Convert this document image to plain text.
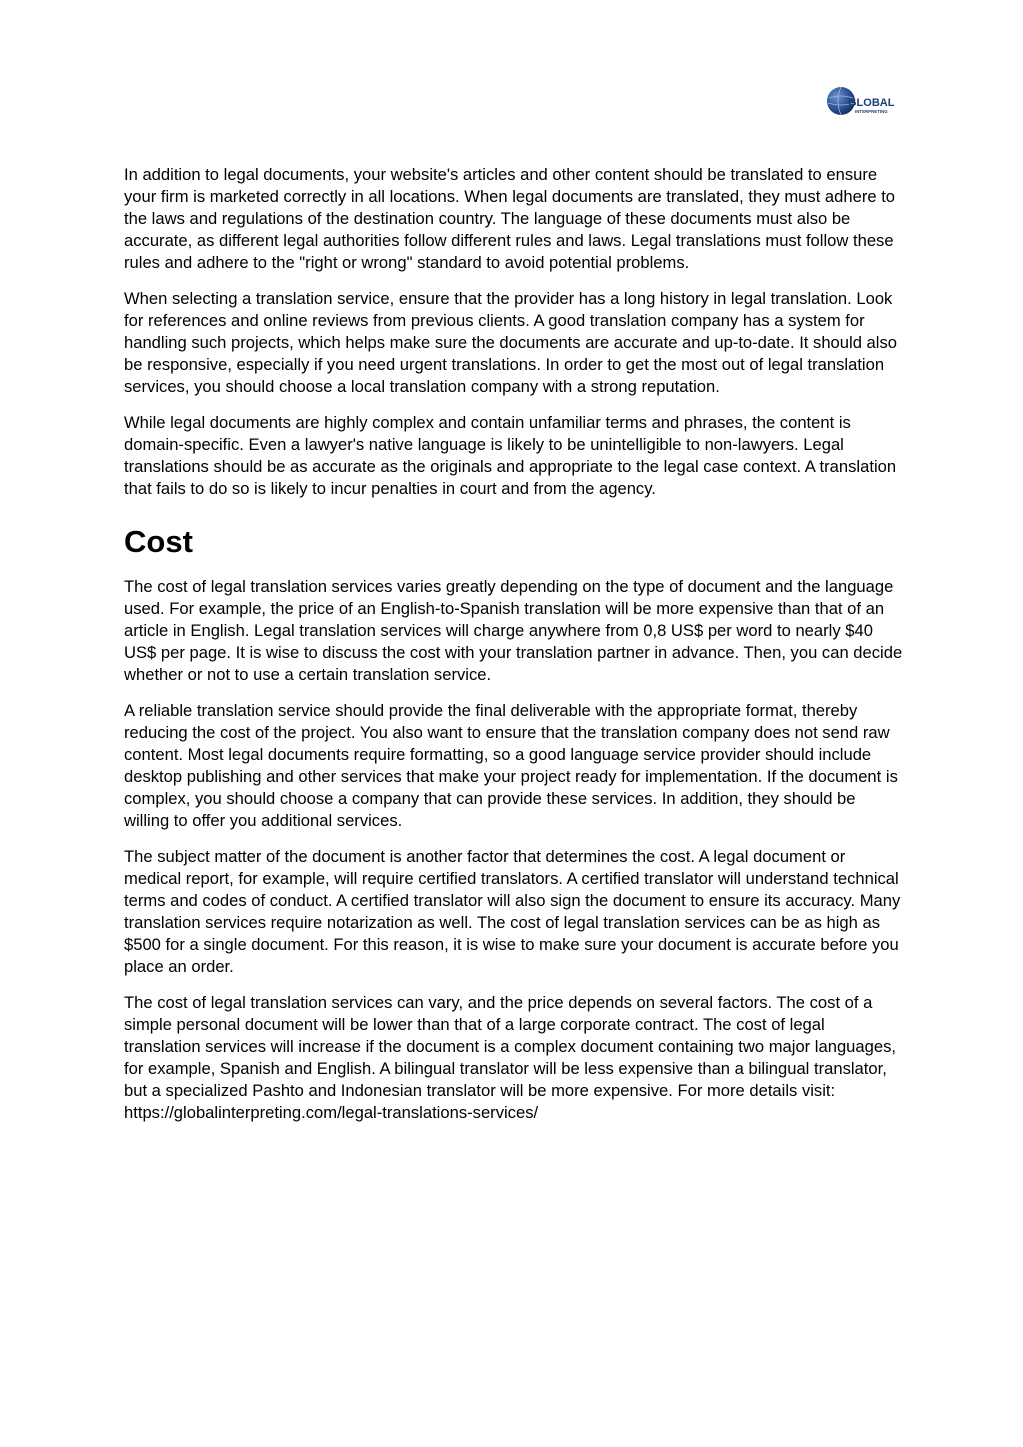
GLOBAL
INTERPRETING

In addition to legal documents, your website's articles and other content should be translated to ensure your firm is marketed correctly in all locations. When legal documents are translated, they must adhere to the laws and regulations of the destination country. The language of these documents must also be accurate, as different legal authorities follow different rules and laws. Legal translations must follow these rules and adhere to the "right or wrong" standard to avoid potential problems.

When selecting a translation service, ensure that the provider has a long history in legal translation. Look for references and online reviews from previous clients. A good translation company has a system for handling such projects, which helps make sure the documents are accurate and up-to-date. It should also be responsive, especially if you need urgent translations. In order to get the most out of legal translation services, you should choose a local translation company with a strong reputation.

While legal documents are highly complex and contain unfamiliar terms and phrases, the content is domain-specific. Even a lawyer's native language is likely to be unintelligible to non-lawyers. Legal translations should be as accurate as the originals and appropriate to the legal case context. A translation that fails to do so is likely to incur penalties in court and from the agency.

Cost

The cost of legal translation services varies greatly depending on the type of document and the language used. For example, the price of an English-to-Spanish translation will be more expensive than that of an article in English. Legal translation services will charge anywhere from 0,8 US$ per word to nearly $40 US$ per page. It is wise to discuss the cost with your translation partner in advance. Then, you can decide whether or not to use a certain translation service.

A reliable translation service should provide the final deliverable with the appropriate format, thereby reducing the cost of the project. You also want to ensure that the translation company does not send raw content. Most legal documents require formatting, so a good language service provider should include desktop publishing and other services that make your project ready for implementation. If the document is complex, you should choose a company that can provide these services. In addition, they should be willing to offer you additional services.

The subject matter of the document is another factor that determines the cost. A legal document or medical report, for example, will require certified translators. A certified translator will understand technical terms and codes of conduct. A certified translator will also sign the document to ensure its accuracy. Many translation services require notarization as well. The cost of legal translation services can be as high as $500 for a single document. For this reason, it is wise to make sure your document is accurate before you place an order.

The cost of legal translation services can vary, and the price depends on several factors. The cost of a simple personal document will be lower than that of a large corporate contract. The cost of legal translation services will increase if the document is a complex document containing two major languages, for example, Spanish and English. A bilingual translator will be less expensive than a bilingual translator, but a specialized Pashto and Indonesian translator will be more expensive. For more details visit: https://globalinterpreting.com/legal-translations-services/
